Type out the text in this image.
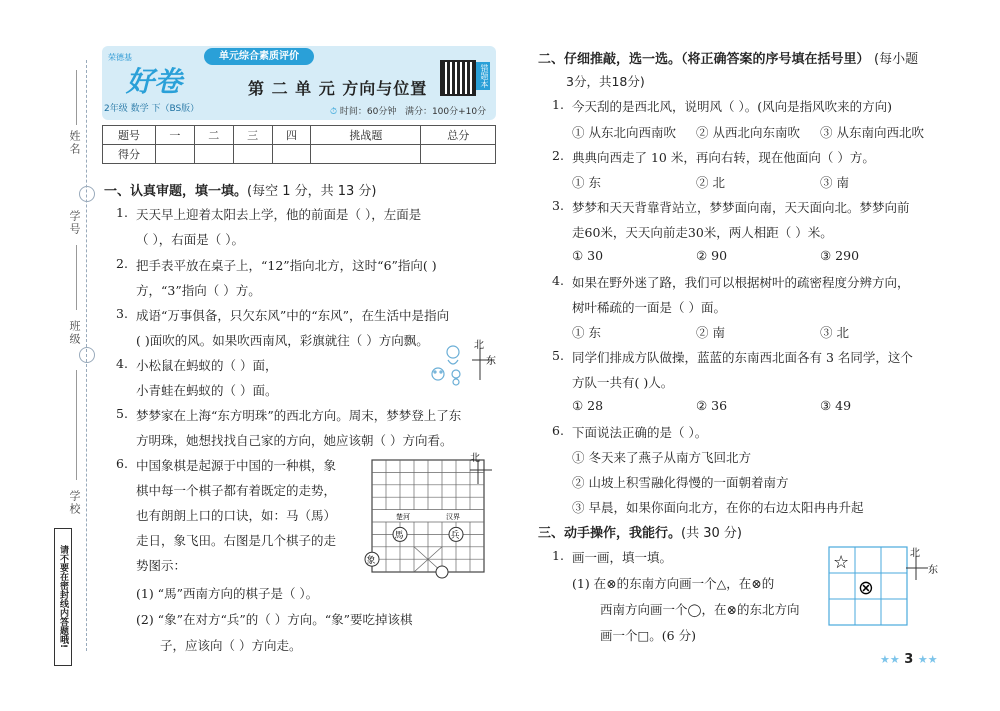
姓名
学号
班级
学校
请不要在密封线内答题哦!
荣德基
好卷
2年级 数学 下（BS版）
单元综合素质评价
第 二 单 元 方向与位置
⏱ 时间：60分钟 满分：100分+10分
错题本
题号	一	二	三	四	挑战题	总分
得分						
一、认真审题，填一填。(每空 1 分，共 13 分)
1. 天天早上迎着太阳去上学，他的前面是（ ），左面是
（ ），右面是（ ）。
2. 把手表平放在桌子上，“12”指向北方，这时“6”指向( )
方，“3”指向（ ）方。
3. 成语“万事俱备，只欠东风”中的“东风”，在生活中是指向
( )面吹的风。如果吹西南风，彩旗就往（ ）方向飘。
4. 小松鼠在蚂蚁的（ ）面，
小青蛙在蚂蚁的（ ）面。
北
东
5. 梦梦家在上海“东方明珠”的西北方向。周末，梦梦登上了东
方明珠，她想找找自己家的方向，她应该朝（ ）方向看。
6. 中国象棋是起源于中国的一种棋，象
棋中每一个棋子都有着既定的走势，
也有朗朗上口的口诀，如：马（馬）
走日，象飞田。右图是几个棋子的走
势图示：
(1) “馬”西南方向的棋子是（ ）。
(2) “象”在对方“兵”的（ ）方向。“象”要吃掉该棋
子，应该向（ ）方向走。
楚河	汉界
馬	兵
象
北
二、仔细推敲，选一选。（将正确答案的序号填在括号里） (每小题
3分，共18分)
1. 今天刮的是西北风，说明风（ ）。(风向是指风吹来的方向)
① 从东北向西南吹 ② 从西北向东南吹 ③ 从东南向西北吹
2. 典典向西走了 10 米，再向右转，现在他面向（ ）方。
① 东	② 北	③ 南
3. 梦梦和天天背靠背站立，梦梦面向南，天天面向北。梦梦向前
走60米，天天向前走30米，两人相距（ ）米。
① 30	② 90	③ 290
4. 如果在野外迷了路，我们可以根据树叶的疏密程度分辨方向，
树叶稀疏的一面是（ ）面。
① 东	② 南	③ 北
5. 同学们排成方队做操，蓝蓝的东南西北面各有 3 名同学，这个
方队一共有( )人。
① 28	② 36	③ 49
6. 下面说法正确的是（ ）。
① 冬天来了燕子从南方飞回北方
② 山坡上积雪融化得慢的一面朝着南方
③ 早晨，如果你面向北方，在你的右边太阳冉冉升起
三、动手操作，我能行。(共 30 分)
1. 画一画，填一填。
(1) 在⊗的东南方向画一个△，在⊗的
西南方向画一个◯，在⊗的东北方向
画一个□。(6 分)
☆
⊗
北
东
★★ 3 ★★
